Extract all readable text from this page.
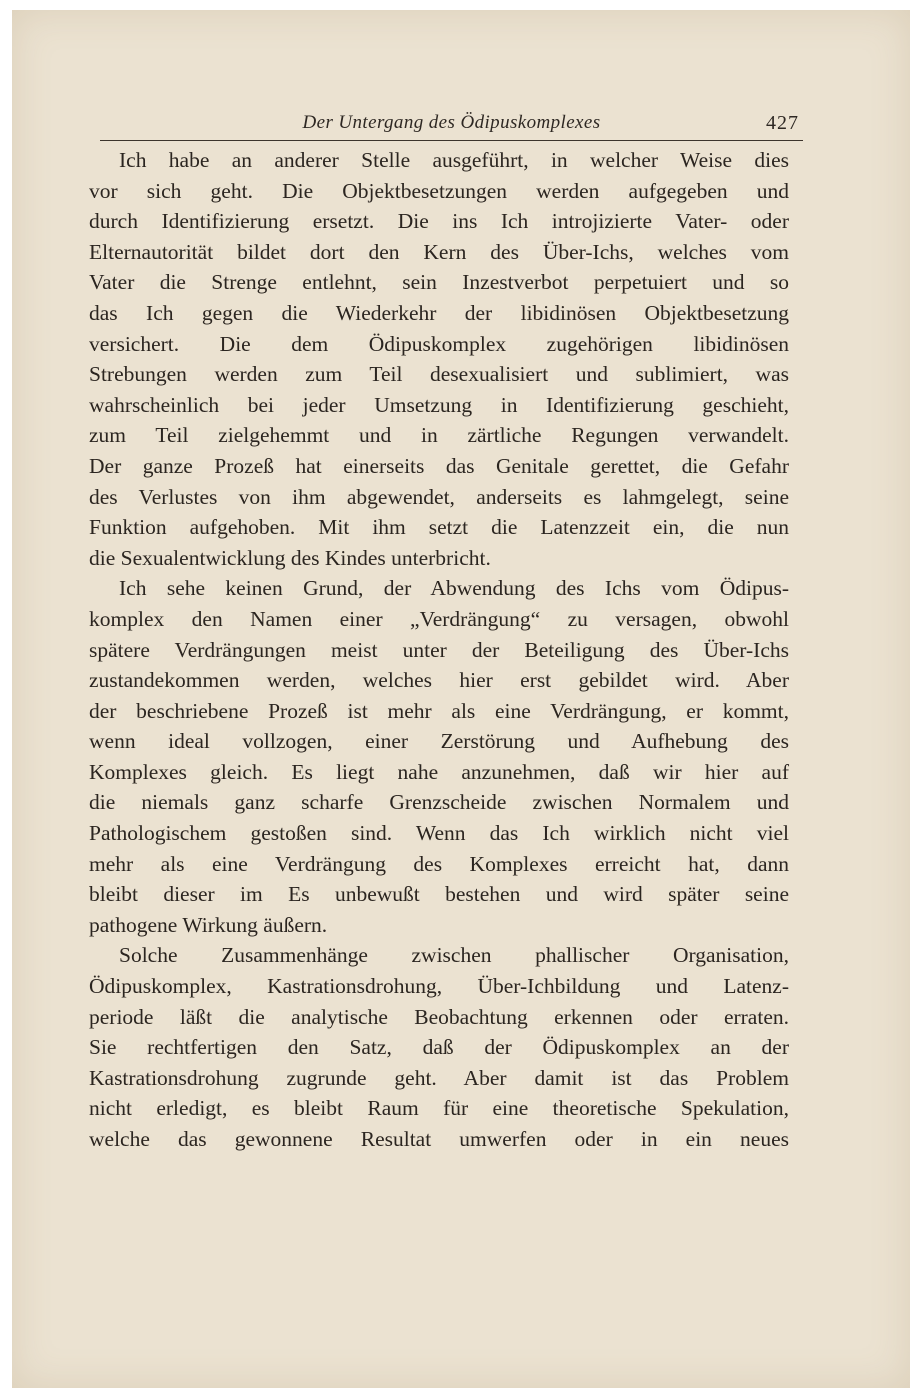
Der Untergang des Ödipuskomplexes	427
Ich habe an anderer Stelle ausgeführt, in welcher Weise dies
vor sich geht. Die Objektbesetzungen werden aufgegeben und
durch Identifizierung ersetzt. Die ins Ich introjizierte Vater- oder
Elternautorität bildet dort den Kern des Über-Ichs, welches vom
Vater die Strenge entlehnt, sein Inzestverbot perpetuiert und so
das Ich gegen die Wiederkehr der libidinösen Objektbesetzung
versichert. Die dem Ödipuskomplex zugehörigen libidinösen
Strebungen werden zum Teil desexualisiert und sublimiert, was
wahrscheinlich bei jeder Umsetzung in Identifizierung geschieht,
zum Teil zielgehemmt und in zärtliche Regungen verwandelt.
Der ganze Prozeß hat einerseits das Genitale gerettet, die Gefahr
des Verlustes von ihm abgewendet, anderseits es lahmgelegt, seine
Funktion aufgehoben. Mit ihm setzt die Latenzzeit ein, die nun
die Sexualentwicklung des Kindes unterbricht.
Ich sehe keinen Grund, der Abwendung des Ichs vom Ödipus-
komplex den Namen einer „Verdrängung“ zu versagen, obwohl
spätere Verdrängungen meist unter der Beteiligung des Über-Ichs
zustandekommen werden, welches hier erst gebildet wird. Aber
der beschriebene Prozeß ist mehr als eine Verdrängung, er kommt,
wenn ideal vollzogen, einer Zerstörung und Aufhebung des
Komplexes gleich. Es liegt nahe anzunehmen, daß wir hier auf
die niemals ganz scharfe Grenzscheide zwischen Normalem und
Pathologischem gestoßen sind. Wenn das Ich wirklich nicht viel
mehr als eine Verdrängung des Komplexes erreicht hat, dann
bleibt dieser im Es unbewußt bestehen und wird später seine
pathogene Wirkung äußern.
Solche Zusammenhänge zwischen phallischer Organisation,
Ödipuskomplex, Kastrationsdrohung, Über-Ichbildung und Latenz-
periode läßt die analytische Beobachtung erkennen oder erraten.
Sie rechtfertigen den Satz, daß der Ödipuskomplex an der
Kastrationsdrohung zugrunde geht. Aber damit ist das Problem
nicht erledigt, es bleibt Raum für eine theoretische Spekulation,
welche das gewonnene Resultat umwerfen oder in ein neues
